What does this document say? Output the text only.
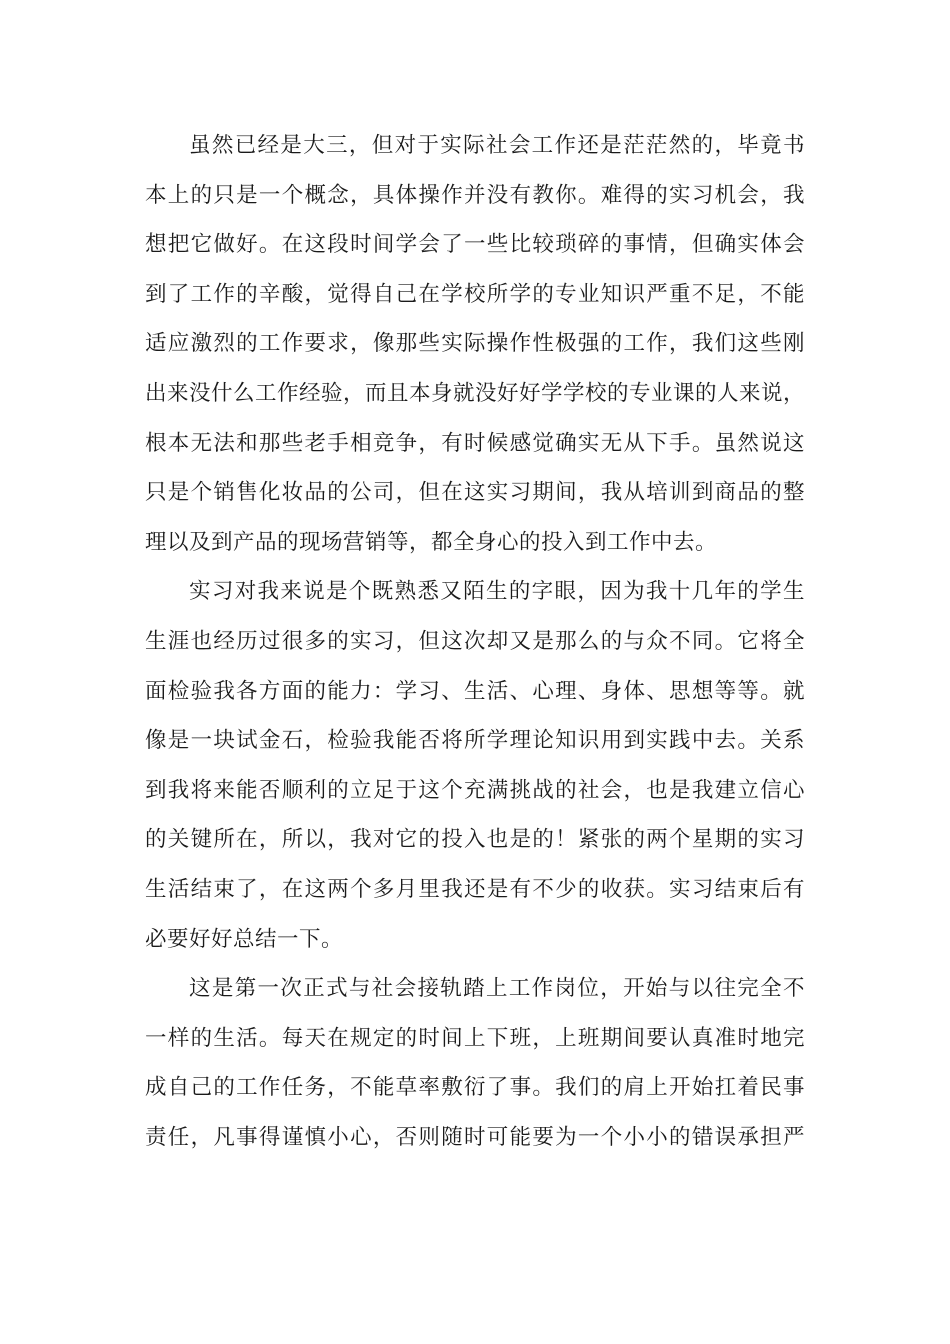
虽然已经是大三，但对于实际社会工作还是茫茫然的，毕竟书
本上的只是一个概念，具体操作并没有教你。难得的实习机会，我
想把它做好。在这段时间学会了一些比较琐碎的事情，但确实体会
到了工作的辛酸，觉得自己在学校所学的专业知识严重不足，不能
适应激烈的工作要求，像那些实际操作性极强的工作，我们这些刚
出来没什么工作经验，而且本身就没好好学学校的专业课的人来说，
根本无法和那些老手相竞争，有时候感觉确实无从下手。虽然说这
只是个销售化妆品的公司，但在这实习期间，我从培训到商品的整
理以及到产品的现场营销等，都全身心的投入到工作中去。
实习对我来说是个既熟悉又陌生的字眼，因为我十几年的学生
生涯也经历过很多的实习，但这次却又是那么的与众不同。它将全
面检验我各方面的能力：学习、生活、心理、身体、思想等等。就
像是一块试金石，检验我能否将所学理论知识用到实践中去。关系
到我将来能否顺利的立足于这个充满挑战的社会，也是我建立信心
的关键所在，所以，我对它的投入也是的！紧张的两个星期的实习
生活结束了，在这两个多月里我还是有不少的收获。实习结束后有
必要好好总结一下。
这是第一次正式与社会接轨踏上工作岗位，开始与以往完全不
一样的生活。每天在规定的时间上下班，上班期间要认真准时地完
成自己的工作任务，不能草率敷衍了事。我们的肩上开始扛着民事
责任，凡事得谨慎小心，否则随时可能要为一个小小的错误承担严
